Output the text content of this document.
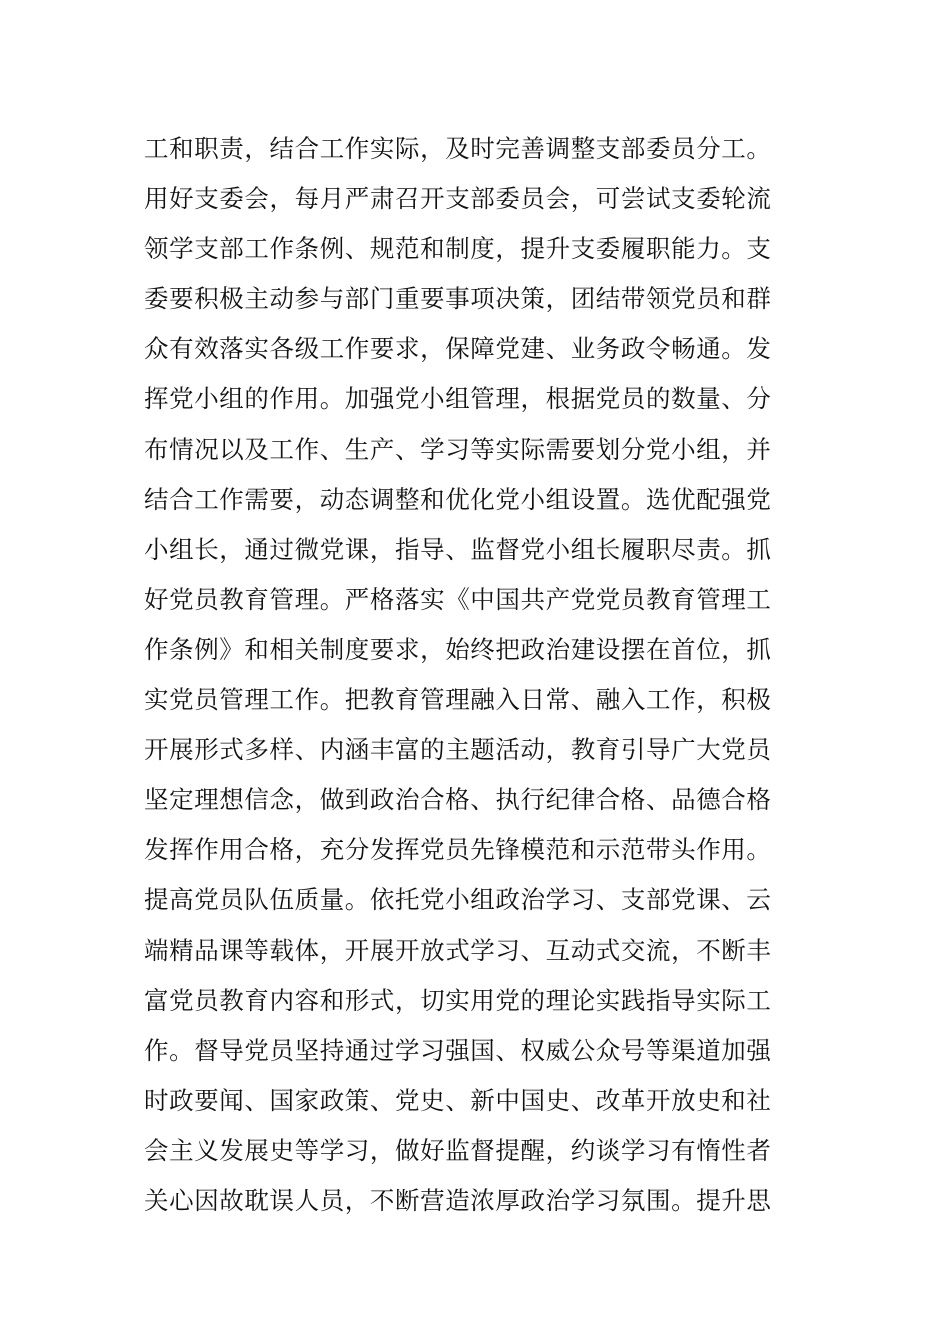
工和职责，结合工作实际，及时完善调整支部委员分工。

用好支委会，每月严肃召开支部委员会，可尝试支委轮流

领学支部工作条例、规范和制度，提升支委履职能力。支

委要积极主动参与部门重要事项决策，团结带领党员和群

众有效落实各级工作要求，保障党建、业务政令畅通。发

挥党小组的作用。加强党小组管理，根据党员的数量、分

布情况以及工作、生产、学习等实际需要划分党小组，并

结合工作需要，动态调整和优化党小组设置。选优配强党

小组长，通过微党课，指导、监督党小组长履职尽责。抓

好党员教育管理。严格落实《中国共产党党员教育管理工

作条例》和相关制度要求，始终把政治建设摆在首位，抓

实党员管理工作。把教育管理融入日常、融入工作，积极

开展形式多样、内涵丰富的主题活动，教育引导广大党员

坚定理想信念，做到政治合格、执行纪律合格、品德合格

发挥作用合格，充分发挥党员先锋模范和示范带头作用。

提高党员队伍质量。依托党小组政治学习、支部党课、云

端精品课等载体，开展开放式学习、互动式交流，不断丰

富党员教育内容和形式，切实用党的理论实践指导实际工

作。督导党员坚持通过学习强国、权威公众号等渠道加强

时政要闻、国家政策、党史、新中国史、改革开放史和社

会主义发展史等学习，做好监督提醒，约谈学习有惰性者

关心因故耽误人员，不断营造浓厚政治学习氛围。提升思
